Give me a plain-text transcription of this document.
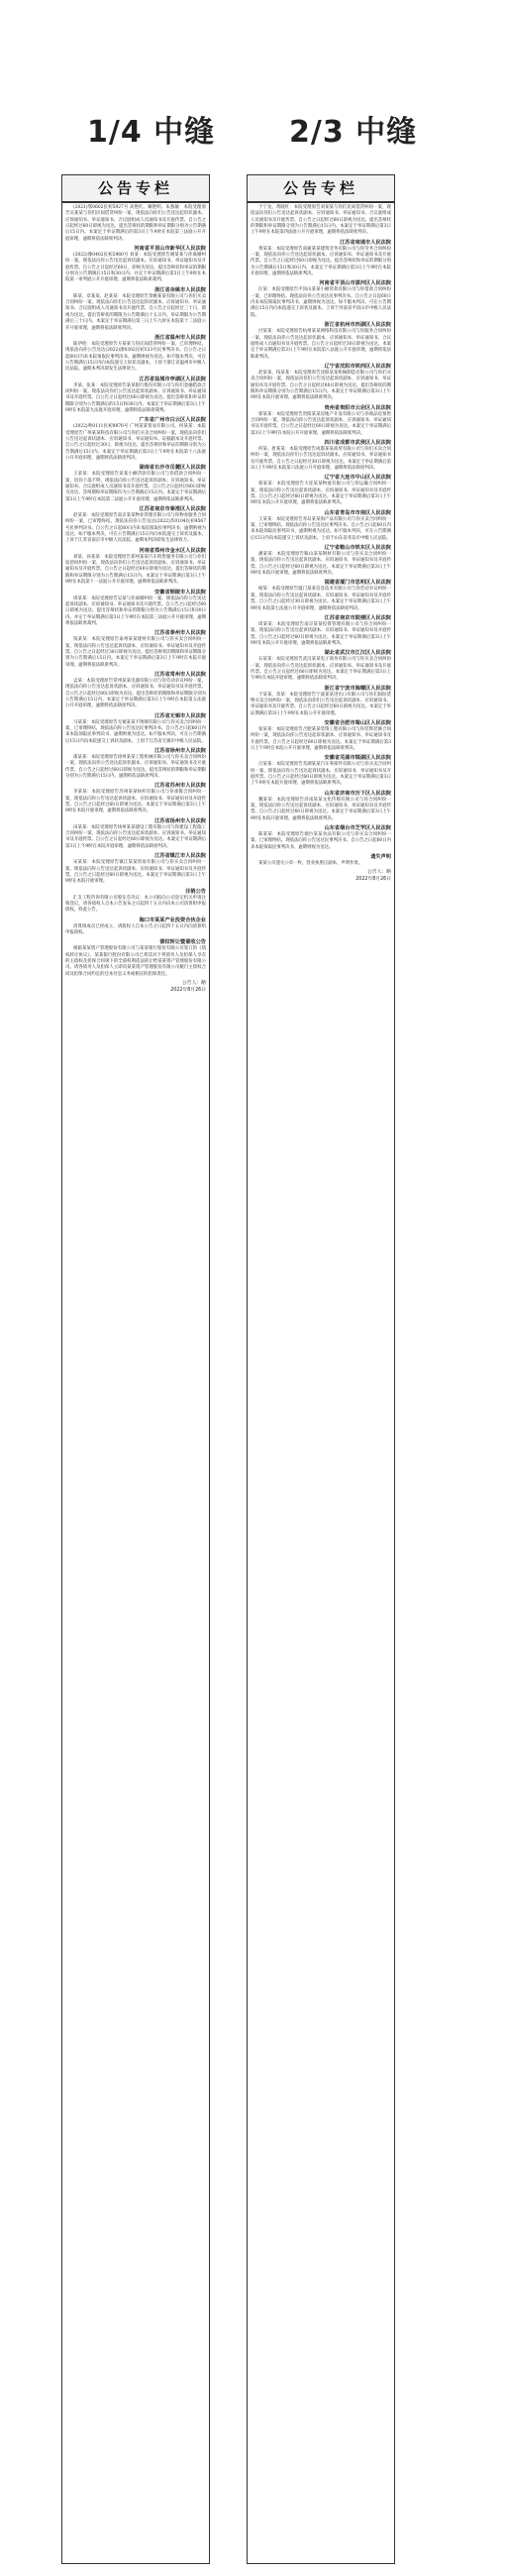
1/4 中缝 2/3 中缝
公告专栏

(2021)鄂0602民初5927号 高艳红、戴艳明、朱燕敏：本院受理原告吴某某与你们民间借贷纠纷一案，现依法向你们公告送达起诉状副本、应诉通知书、举证通知书、合议庭组成人员通知书及开庭传票。自公告之日起经过60日即视为送达。提出答辩状的期限和举证期限分别为公告期满后15日内。本案定于举证期满后的第3日上午9时在本院第三法庭公开开庭审理，逾期将依法缺席判决。

河南省平顶山市新华区人民法院

(2022)豫0402民初2960号 刘某：本院受理原告谢某某与你离婚纠纷一案，现依法向你公告送达起诉状副本、应诉通知书、举证通知书及开庭传票。自公告之日起经过60日，即视为送达。提出答辩状和举证的期限分别为公告期满后15日和30日内。并定于举证期满后第3日上午9时在本院第一审判庭公开开庭审理，逾期将依法缺席裁判。

浙江省余姚市人民法院

陈某、章某某、赵某某：本院受理原告余姚某某有限公司与你们买卖合同纠纷一案，现依法向你们公告送达起诉状副本、应诉通知书、举证通知书、合议庭组成人员通知书及开庭传票。自公告之日起经过三十日，即视为送达。提出答辩状的期限为公告期满后十五日内，举证期限为公告期满后三十日内。本案定于举证期满后第三日上午九时在本院第十二法庭公开开庭审理，逾期将依法缺席判决。

浙江省温州市人民法院

陆伊伦：本院受理原告方某某与你民间借贷纠纷一案，已审理终结。现依法向你公告送达(2022)浙0302民初123号民事判决书。自公告之日起60日内来本院领取民事判决书，逾期则视为送达。如不服本判决，可在公告期满后15日内向本院递交上诉状及副本，上诉于浙江省温州市中级人民法院。逾期本判决即发生法律效力。

江苏省盐城市亭湖区人民法院

李某、张某：本院受理原告某某银行股份有限公司与你们金融借款合同纠纷一案，现依法向你们公告送达起诉状副本、应诉通知书、举证通知书及开庭传票。自公告之日起经过60日即视为送达。提出答辩状和举证的期限分别为公告期满后的15日和30日内。本案定于举证期满后第3日上午9时在本院第九法庭开庭审理，逾期将依法缺席裁判。

广东省广州市白云区人民法院

(2022)粤0111民初9876号 广州某某贸易有限公司、何某某：本院受理原告广州某某科技有限公司与你们买卖合同纠纷一案，现依法向你们公告送达起诉状副本、应诉通知书、举证通知书、证据副本及开庭传票。自公告之日起经过30日，即视为送达。提出答辩状和举证的期限分别为公告期满后15日内。本案定于举证期满后第3日上午9时在本院第十八法庭公开开庭审理，逾期将依法缺席判决。

湖南省长沙市岳麓区人民法院

王某某：本院受理原告某某小额贷款有限公司与你借款合同纠纷一案，因你下落不明，现依法向你公告送达起诉状副本、应诉通知书、举证通知书、合议庭组成人员通知书及开庭传票。自公告之日起经过60日即视为送达。答辩期和举证期限均为公告期满后15日内。本案定于举证期满后第3日上午9时在本院第二法庭公开开庭审理，逾期将依法缺席判决。

江苏省南京市秦淮区人民法院

赵某某：本院受理原告南京某某物业管理有限公司与你物业服务合同纠纷一案，已审理终结。现依法向你公告送达(2022)苏0104民初4567号民事判决书。自公告之日起60日内来本院领取民事判决书，逾期则视为送达。如不服本判决，可在公告期满后15日内向本院递交上诉状及副本，上诉于江苏省南京市中级人民法院。逾期本判决即发生法律效力。

河南省郑州市金水区人民法院

刘某、孙某某：本院受理原告郑州某某汽车销售服务有限公司与你们追偿权纠纷一案，现依法向你们公告送达起诉状副本、应诉通知书、举证通知书及开庭传票。自公告之日起经过60日即视为送达。提出答辩状的期限和举证期限分别为公告期满后15日内。本案定于举证期满后第3日上午9时在本院第十一法庭公开开庭审理，逾期将依法缺席判决。

安徽省铜陵市人民法院

周某某：本院受理原告吴某与你离婚纠纷一案，现依法向你公告送达起诉状副本、应诉通知书、举证通知书及开庭传票。自公告之日起经过60日即视为送达。提出答辩状和举证的期限分别为公告期满后15日和30日内。并定于举证期满后第3日上午9时在本院第三法庭公开开庭审理，逾期将依法缺席裁判。

江苏省泰州市人民法院

钱某某：本院受理原告泰州某某建材有限公司与你买卖合同纠纷一案，现依法向你公告送达起诉状副本、应诉通知书、举证通知书及开庭传票。自公告之日起经过30日即视为送达。提出答辩状的期限和举证期限分别为公告期满后15日内。本案定于举证期满后第3日上午9时在本院开庭审理，逾期将依法缺席判决。

江苏省常州市人民法院

孟某：本院受理原告常州某某电器有限公司与你劳动争议纠纷一案，现依法向你公告送达起诉状副本、应诉通知书、举证通知书及开庭传票。自公告之日起经过60日即视为送达。提出答辩状的期限和举证期限分别为公告期满后15日内。本案定于举证期满后第3日上午9时在本院第五法庭公开开庭审理，逾期将依法缺席判决。

江苏省无锡市人民法院

马某某：本院受理原告无锡某某不锈钢有限公司与你买卖合同纠纷一案，已审理终结。现依法向你公告送达民事判决书。自公告之日起60日内来本院领取民事判决书，逾期则视为送达。如不服本判决，可在公告期满后15日内向本院递交上诉状及副本，上诉于江苏省无锡市中级人民法院。

江苏省徐州市人民法院

邵某某：本院受理原告徐州某某工程机械有限公司与你买卖合同纠纷一案，现依法向你公告送达起诉状副本、应诉通知书、举证通知书及开庭传票。自公告之日起经过60日即视为送达。提出答辩状的期限和举证期限分别为公告期满后15日内，逾期将依法缺席判决。

江苏省苏州市人民法院

李某某：本院受理原告苏州某某纺织有限公司与你承揽合同纠纷一案，现依法向你公告送达起诉状副本、应诉通知书、举证通知书及开庭传票。自公告之日起经过60日即视为送达。本案定于举证期满后第3日上午9时在本院开庭审理，逾期将依法缺席判决。

江苏省扬州市人民法院

田某某：本院受理原告扬州某某建设工程有限公司与你建设工程施工合同纠纷一案，现依法向你公告送达起诉状副本、应诉通知书、举证通知书及开庭传票。自公告之日起经过60日即视为送达。本案定于举证期满后第3日上午9时在本院开庭审理，逾期将依法缺席判决。

江苏省镇江市人民法院

宋某某：本院受理原告镇江某某贸易有限公司与你买卖合同纠纷一案，现依法向你公告送达起诉状副本、应诉通知书、举证通知书及开庭传票。自公告之日起经过60日即视为送达。本案定于举证期满后第3日上午9时在本院开庭审理。

注销公告

汇友工程咨询有限公司股东会决议：本公司拟向公司登记机关申请注销登记，请各债权人自本公告发布之日起四十五日内向本公司清算组申报债权。特此公告。

海口市某某产业投资合伙企业

清算组成员已经成立，请债权人自本公告之日起四十五日内向清算组申报债权。

债权转让暨催收公告

根据某某资产管理股份有限公司与某某银行股份有限公司签订的《债权转让协议》，某某银行股份有限公司已将其对下列债务人及担保人享有的主债权及担保合同项下的全部权利依法转让给某某资产管理股份有限公司。请各债务人及担保人立即向某某资产管理股份有限公司履行主债权合同及担保合同约定的还本付息义务或相应的担保责任。

公告人：略
2022年8月26日
公告专栏

于宁龙、黄晓红：本院受理原告刘某某与你们民间借贷纠纷一案，现依法向你们公告送达起诉状副本、应诉通知书、举证通知书、合议庭组成人员通知书及开庭传票。自公告之日起经过60日即视为送达。提出答辩状的期限和举证期限分别为公告期满后15日内。本案定于举证期满后第3日上午9时在本院第四法庭公开开庭审理，逾期将依法缺席判决。

江苏省南通市人民法院

黄某某：本院受理原告南通某某建筑劳务有限公司与你劳务合同纠纷一案，现依法向你公告送达起诉状副本、应诉通知书、举证通知书及开庭传票。自公告之日起经过60日即视为送达。提出答辩状和举证的期限分别为公告期满后15日和30日内。本案定于举证期满后第3日上午9时在本院开庭审理，逾期将依法缺席判决。

河南省平顶山市湛河区人民法院

汪某：本院受理原告平顶山某某小额贷款有限公司与你借款合同纠纷一案，已审理终结。现依法向你公告送达民事判决书。自公告之日起60日内来本院领取民事判决书，逾期则视为送达。如不服本判决，可在公告期满后15日内向本院递交上诉状及副本，上诉于河南省平顶山市中级人民法院。

浙江省杭州市西湖区人民法院

付某某：本院受理原告杭州某某网络科技有限公司与你服务合同纠纷一案，现依法向你公告送达起诉状副本、应诉通知书、举证通知书、合议庭组成人员通知书及开庭传票。自公告之日起经过30日即视为送达。本案定于举证期满后第3日上午9时在本院第八法庭公开开庭审理，逾期将依法缺席判决。

辽宁省沈阳市铁西区人民法院

赵某某、钱某某：本院受理原告沈阳某某机械制造有限公司与你们买卖合同纠纷一案，现依法向你们公告送达起诉状副本、应诉通知书、举证通知书及开庭传票。自公告之日起经过60日即视为送达。提出答辩状的期限和举证期限分别为公告期满后15日内。本案定于举证期满后第3日上午9时在本院开庭审理，逾期将依法缺席判决。

贵州省贵阳市云岩区人民法院

郭某某：本院受理原告贵阳某某房地产开发有限公司与你商品房预售合同纠纷一案，现依法向你公告送达起诉状副本、应诉通知书、举证通知书及开庭传票。自公告之日起经过60日即视为送达。本案定于举证期满后第3日上午9时在本院公开开庭审理，逾期将依法缺席判决。

四川省成都市武侯区人民法院

何某、唐某某：本院受理原告成都某某商贸有限公司与你们买卖合同纠纷一案，现依法向你们公告送达起诉状副本、应诉通知书、举证通知书及开庭传票。自公告之日起经过30日即视为送达。本案定于举证期满后第3日上午9时在本院第六法庭公开开庭审理，逾期将依法缺席判决。

辽宁省大连市中山区人民法院

蔡某某：本院受理原告大连某某物流有限公司与你运输合同纠纷一案，现依法向你公告送达起诉状副本、应诉通知书、举证通知书及开庭传票。自公告之日起经过60日即视为送达。本案定于举证期满后第3日上午9时在本院公开开庭审理，逾期将依法缺席判决。

山东省青岛市市南区人民法院

王某某：本院受理原告青岛某某海产品有限公司与你买卖合同纠纷一案，已审理终结。现依法向你公告送达民事判决书。自公告之日起60日内来本院领取民事判决书，逾期则视为送达。如不服本判决，可在公告期满后15日内向本院递交上诉状及副本，上诉于山东省青岛市中级人民法院。

辽宁省鞍山市铁东区人民法院

潘某某：本院受理原告鞍山某某钢材有限公司与你买卖合同纠纷一案，现依法向你公告送达起诉状副本、应诉通知书、举证通知书及开庭传票。自公告之日起经过60日即视为送达。本案定于举证期满后第3日上午9时在本院开庭审理，逾期将依法缺席判决。

福建省厦门市思明区人民法院

杨某：本院受理原告厦门某某信息技术有限公司与你劳动争议纠纷一案，现依法向你公告送达起诉状副本、应诉通知书、举证通知书及开庭传票。自公告之日起经过30日即视为送达。本案定于举证期满后第3日上午9时在本院第七法庭公开开庭审理，逾期将依法缺席判决。

江苏省南京市鼓楼区人民法院

周某某：本院受理原告南京某某投资管理有限公司与你合同纠纷一案，现依法向你公告送达起诉状副本、应诉通知书、举证通知书及开庭传票。自公告之日起经过60日即视为送达。本案定于举证期满后第3日上午9时在本院公开开庭审理，逾期将依法缺席判决。

湖北省武汉市江汉区人民法院

石某某：本院受理原告武汉某某电子商务有限公司与你买卖合同纠纷一案，现依法向你公告送达起诉状副本、应诉通知书、举证通知书及开庭传票。自公告之日起经过60日即视为送达。本案定于举证期满后第3日上午9时在本院开庭审理，逾期将依法缺席判决。

浙江省宁波市海曙区人民法院

于某某、余某：本院受理原告宁波某某进出口有限公司与你们国际货物买卖合同纠纷一案，现依法向你们公告送达起诉状副本、应诉通知书、举证通知书及开庭传票。自公告之日起经过60日即视为送达。本案定于举证期满后第3日上午9时在本院公开开庭审理。

安徽省合肥市蜀山区人民法院

张某某：本院受理原告合肥某某装饰工程有限公司与你装饰装修合同纠纷一案，现依法向你公告送达起诉状副本、应诉通知书、举证通知书及开庭传票。自公告之日起经过60日即视为送达。本案定于举证期满后第3日上午9时在本院公开开庭审理，逾期将依法缺席判决。

安徽省芜湖市镜湖区人民法院

吕某某：本院受理原告芜湖某某汽车零部件有限公司与你买卖合同纠纷一案，现依法向你公告送达起诉状副本、应诉通知书、举证通知书及开庭传票。自公告之日起经过60日即视为送达。本案定于举证期满后第3日上午9时在本院开庭审理，逾期将依法缺席判决。

山东省济南市历下区人民法院

魏某某：本院受理原告济南某某文化传媒有限公司与你合同纠纷一案，现依法向你公告送达起诉状副本、应诉通知书、举证通知书及开庭传票。自公告之日起经过60日即视为送达。本案定于举证期满后第3日上午9时在本院开庭审理，逾期将依法缺席判决。

山东省烟台市芝罘区人民法院

陈某某：本院受理原告烟台某某食品有限公司与你买卖合同纠纷一案，已审理终结。现依法向你公告送达民事判决书。自公告之日起60日内来本院领取民事判决书，逾期则视为送达。

遗失声明

某某公司遗失公章一枚、营业执照正副本，声明作废。

公告人：略
2022年8月26日
